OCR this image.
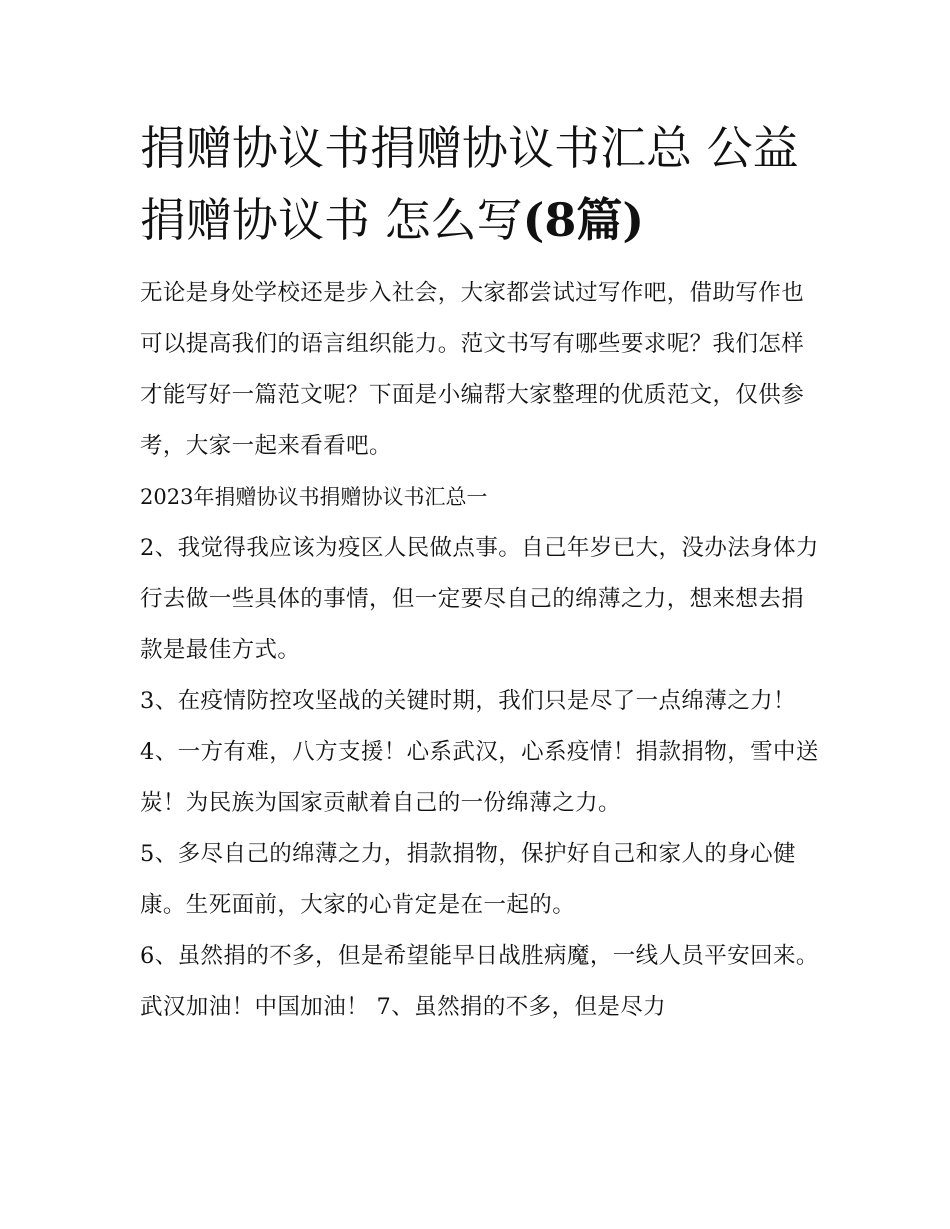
捐赠协议书捐赠协议书汇总 公益捐赠协议书 怎么写(8篇)

无论是身处学校还是步入社会，大家都尝试过写作吧，借助写作也可以提高我们的语言组织能力。范文书写有哪些要求呢？我们怎样才能写好一篇范文呢？下面是小编帮大家整理的优质范文，仅供参考，大家一起来看看吧。

2023年捐赠协议书捐赠协议书汇总一

2、我觉得我应该为疫区人民做点事。自己年岁已大，没办法身体力行去做一些具体的事情，但一定要尽自己的绵薄之力，想来想去捐款是最佳方式。

3、在疫情防控攻坚战的关键时期，我们只是尽了一点绵薄之力！

4、一方有难，八方支援！心系武汉，心系疫情！捐款捐物，雪中送炭！为民族为国家贡献着自己的一份绵薄之力。

5、多尽自己的绵薄之力，捐款捐物，保护好自己和家人的身心健康。生死面前，大家的心肯定是在一起的。

6、虽然捐的不多，但是希望能早日战胜病魔，一线人员平安回来。武汉加油！中国加油！ 7、虽然捐的不多，但是尽力
